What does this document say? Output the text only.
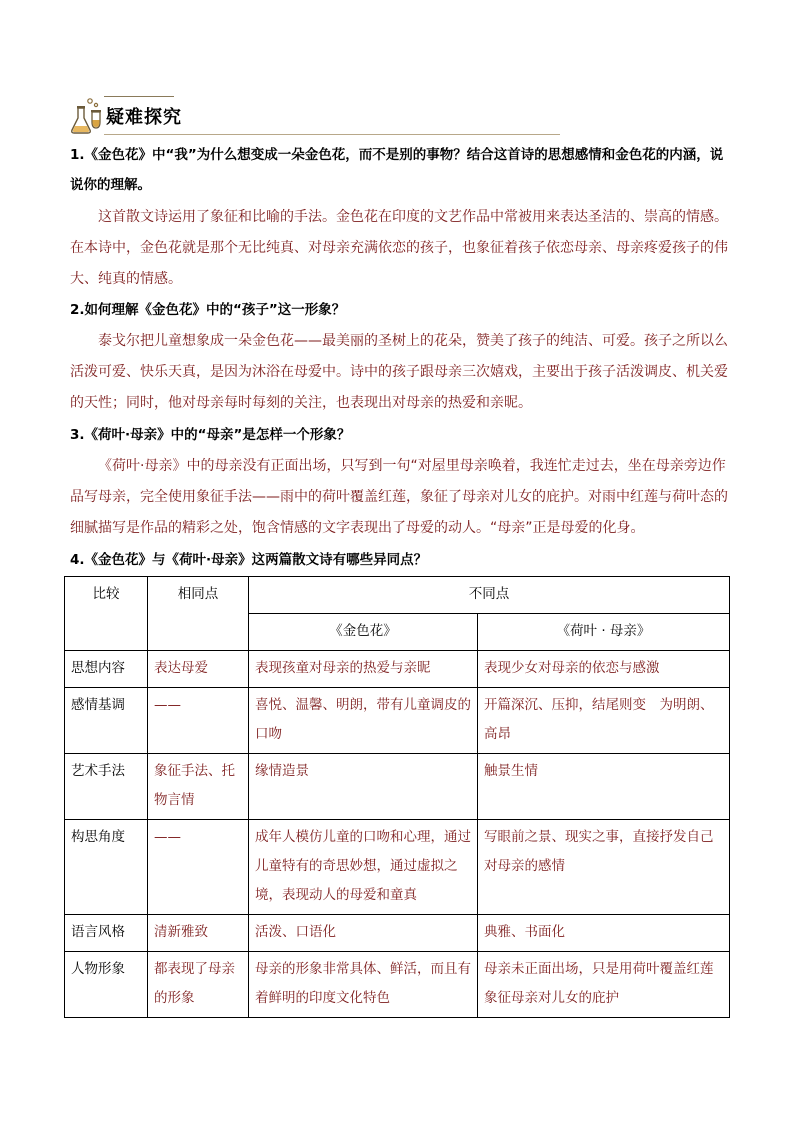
疑难探究
1.《金色花》中“我”为什么想变成一朵金色花，而不是别的事物？结合这首诗的思想感情和金色花的内涵，说说你的理解。
这首散文诗运用了象征和比喻的手法。金色花在印度的文艺作品中常被用来表达圣洁的、崇高的情感。在本诗中，金色花就是那个无比纯真、对母亲充满依恋的孩子，也象征着孩子依恋母亲、母亲疼爱孩子的伟大、纯真的情感。
2.如何理解《金色花》中的“孩子”这一形象？
泰戈尔把儿童想象成一朵金色花——最美丽的圣树上的花朵，赞美了孩子的纯洁、可爱。孩子之所以么活泼可爱、快乐天真，是因为沐浴在母爱中。诗中的孩子跟母亲三次嬉戏，主要出于孩子活泼调皮、机关爱的天性；同时，他对母亲每时每刻的关注，也表现出对母亲的热爱和亲昵。
3.《荷叶·母亲》中的“母亲”是怎样一个形象？
《荷叶·母亲》中的母亲没有正面出场，只写到一句“对屋里母亲唤着，我连忙走过去，坐在母亲旁边作品写母亲，完全使用象征手法——雨中的荷叶覆盖红莲，象征了母亲对儿女的庇护。对雨中红莲与荷叶态的细腻描写是作品的精彩之处，饱含情感的文字表现出了母爱的动人。“母亲”正是母爱的化身。
4.《金色花》与《荷叶·母亲》这两篇散文诗有哪些异同点？
比较	相同点	不同点	
		《金色花》	《荷叶 · 母亲》
思想内容	表达母爱	表现孩童对母亲的热爱与亲昵	表现少女对母亲的依恋与感激
感情基调	——	喜悦、温馨、明朗，带有儿童调皮的口吻	开篇深沉、压抑，结尾则变　为明朗、高昂
艺术手法	象征手法、托物言情	缘情造景	触景生情
构思角度	——	成年人模仿儿童的口吻和心理，通过儿童特有的奇思妙想，通过虚拟之境，表现动人的母爱和童真	写眼前之景、现实之事，直接抒发自己对母亲的感情
语言风格	清新雅致	活泼、口语化	典雅、书面化
人物形象	都表现了母亲的形象	母亲的形象非常具体、鲜活，而且有着鲜明的印度文化特色	母亲未正面出场，只是用荷叶覆盖红莲象征母亲对儿女的庇护
